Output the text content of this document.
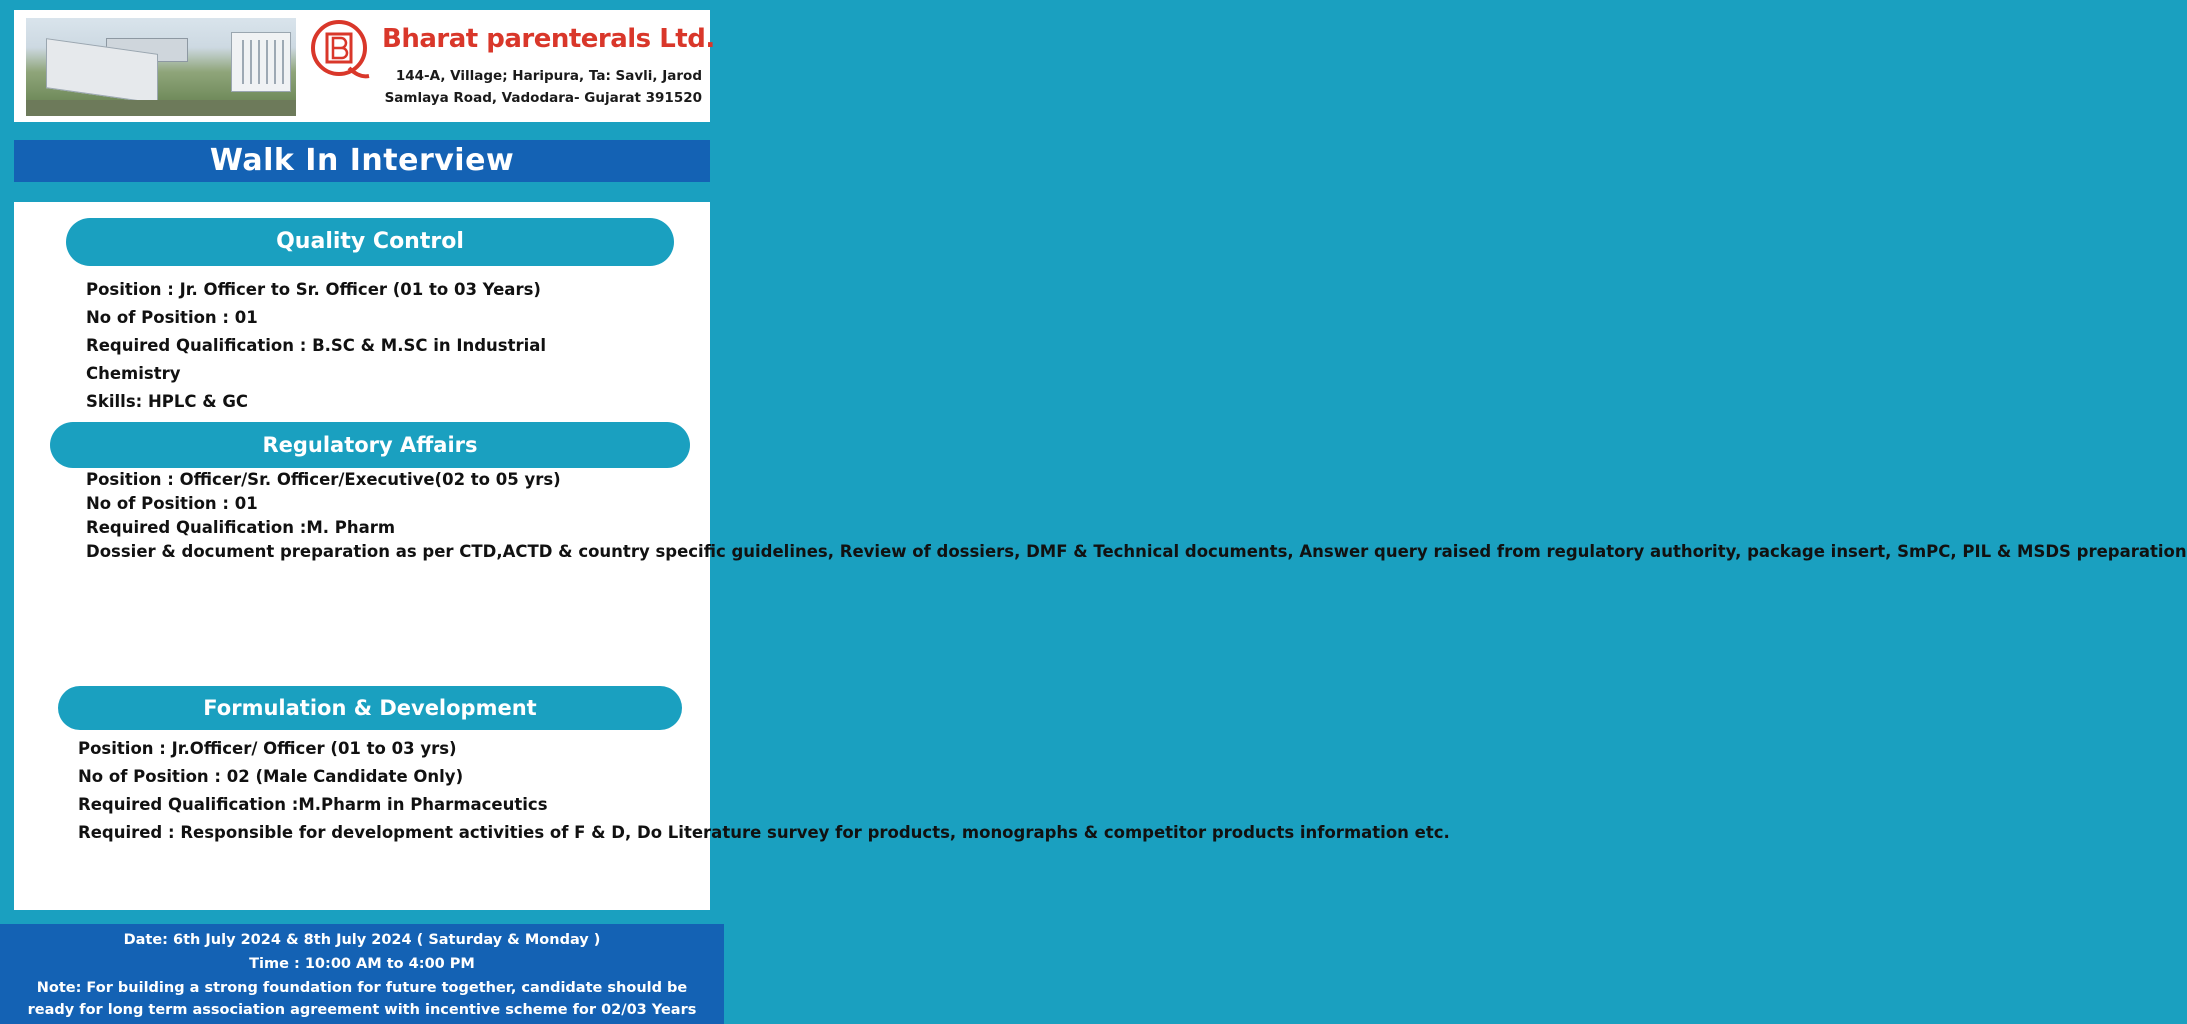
Bharat parenterals Ltd.
144-A, Village; Haripura, Ta: Savli, Jarod
Samlaya Road, Vadodara- Gujarat 391520
Walk In Interview
Quality Control
Position : Jr. Officer to Sr. Officer (01 to 03 Years)
No of Position : 01
Required Qualification : B.SC & M.SC in Industrial
Chemistry
Skills: HPLC & GC
Regulatory Affairs
Position : Officer/Sr. Officer/Executive(02 to 05 yrs)
No of Position : 01
Required Qualification :M. Pharm
Dossier & document preparation as per CTD,ACTD & country specific guidelines, Review of dossiers, DMF & Technical documents, Answer query raised from regulatory authority, package insert, SmPC, PIL & MSDS preparation
Formulation & Development
Position : Jr.Officer/ Officer (01 to 03 yrs)
No of Position : 02 (Male Candidate Only)
Required Qualification :M.Pharm in Pharmaceutics
Required : Responsible for development activities of F & D, Do Literature survey for products, monographs & competitor products information etc.
Date: 6th July 2024 & 8th July 2024 ( Saturday & Monday )
Time : 10:00 AM to 4:00 PM
Note: For building a strong foundation for future together, candidate should be
ready for long term association agreement with incentive scheme for 02/03 Years
